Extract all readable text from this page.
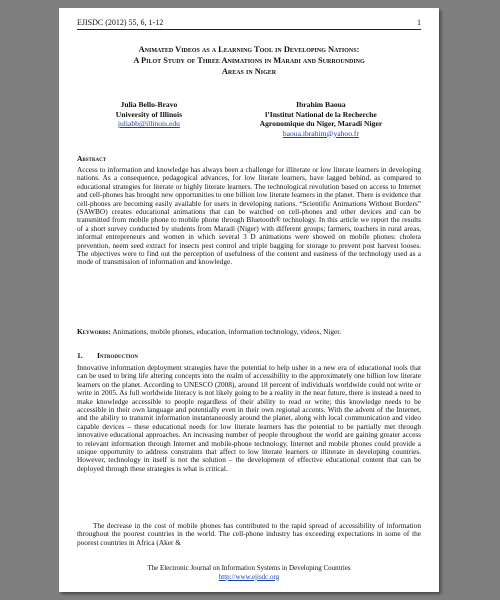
EJISDC (2012) 55, 6, 1-12	1
Animated Videos as a Learning Tool in Developing Nations:
A Pilot Study of Three Animations in Maradi and Surrounding
Areas in Niger
Julia Bello-Bravo
University of Illinois
juliabb@illinois.edu
Ibrahim Baoua
l’Institut National de la Recherche
Agronomique du Niger, Maradi Niger
baoua.ibrahim@yahoo.fr
Abstract
Access to information and knowledge has always been a challenge for illiterate or low literate learners in developing nations. As a consequence, pedagogical advances, for low literate learners, have lagged behind, as compared to educational strategies for literate or highly literate learners. The technological revolution based on access to Internet and cell-phones has brought new opportunities to one billion low literate learners in the planet. There is evidence that cell-phones are becoming easily available for users in developing nations. “Scientific Animations Without Borders” (SAWBO) creates educational animations that can be watched on cell-phones and other devices and can be transmitted from mobile phone to mobile phone through Bluetooth® technology. In this article we report the results of a short survey conducted by students from Maradi (Niger) with different groups; farmers, teachers in rural areas, informal entrepreneurs and women in which several 3 D animations were showed on mobile phones: cholera prevention, neem seed extract for insects pest control and triple bagging for storage to prevent post harvest looses. The objectives were to find out the perception of usefulness of the content and easiness of the technology used as a mode of transmission of information and knowledge.
Keywords: Animations, mobile phones, education, information technology, videos, Niger.
1. Introduction
Innovative information deployment strategies have the potential to help usher in a new era of educational tools that can be used to bring life altering concepts into the realm of accessibility to the approximately one billion low literate learners on the planet. According to UNESCO (2008), around 18 percent of individuals worldwide could not write or write in 2005. As full worldwide literacy is not likely going to be a reality in the near future, there is instead a need to make knowledge accessible to people regardless of their ability to read or write; this knowledge needs to be accessible in their own language and potentially even in their own regional accents. With the advent of the Internet, and the ability to transmit information instantaneously around the planet, along with local communication and video capable devices – these educational needs for low literate learners has the potential to be partially met through innovative educational approaches. An increasing number of people throughout the world are gaining greater access to relevant information through Internet and mobile-phone technology. Internet and mobile phones could provide a unique opportunity to address constraints that affect to low literate learners or illiterate in developing countries. However, technology in itself is not the solution – the development of effective educational content that can be deployed through these strategies is what is critical.
The decrease in the cost of mobile phones has contributed to the rapid spread of accessibility of information throughout the poorest countries in the world. The cell-phone industry has exceeding expectations in some of the poorest countries in Africa (Aker &
The Electronic Journal on Information Systems in Developing Countries
http://www.ejisdc.org
